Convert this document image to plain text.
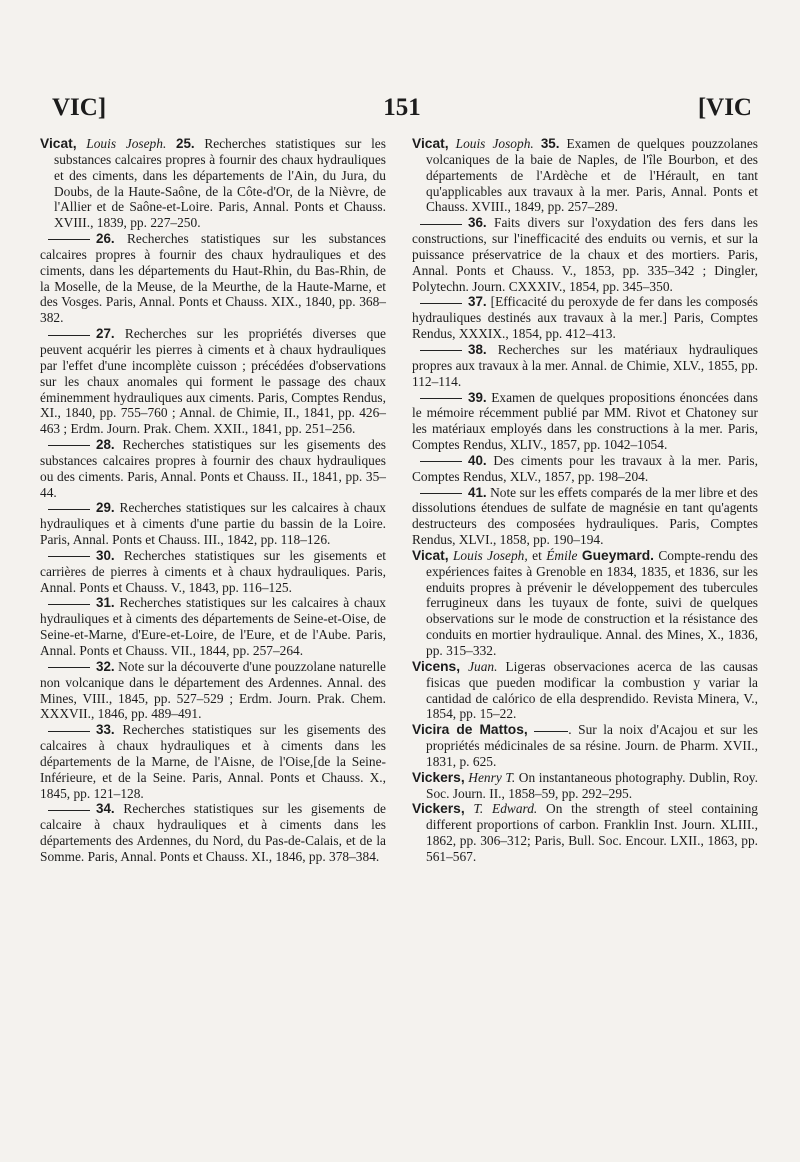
VIC]	151	[VIC

Vicat, Louis Joseph. 25. Recherches statistiques sur les substances calcaires propres à fournir des chaux hydrauliques et des ciments, dans les départements de l'Ain, du Jura, du Doubs, de la Haute-Saône, de la Côte-d'Or, de la Nièvre, de l'Allier et de Saône-et-Loire. Paris, Annal. Ponts et Chauss. XVIII., 1839, pp. 227–250.

26. Recherches statistiques sur les substances calcaires propres à fournir des chaux hydrauliques et des ciments, dans les départements du Haut-Rhin, du Bas-Rhin, de la Moselle, de la Meuse, de la Meurthe, de la Haute-Marne, et des Vosges. Paris, Annal. Ponts et Chauss. XIX., 1840, pp. 368–382.

27. Recherches sur les propriétés diverses que peuvent acquérir les pierres à ciments et à chaux hydrauliques par l'effet d'une incomplète cuisson ; précédées d'observations sur les chaux anomales qui forment le passage des chaux éminemment hydrauliques aux ciments. Paris, Comptes Rendus, XI., 1840, pp. 755–760 ; Annal. de Chimie, II., 1841, pp. 426–463 ; Erdm. Journ. Prak. Chem. XXII., 1841, pp. 251–256.

28. Recherches statistiques sur les gisements des substances calcaires propres à fournir des chaux hydrauliques ou des ciments. Paris, Annal. Ponts et Chauss. II., 1841, pp. 35–44.

29. Recherches statistiques sur les calcaires à chaux hydrauliques et à ciments d'une partie du bassin de la Loire. Paris, Annal. Ponts et Chauss. III., 1842, pp. 118–126.

30. Recherches statistiques sur les gisements et carrières de pierres à ciments et à chaux hydrauliques. Paris, Annal. Ponts et Chauss. V., 1843, pp. 116–125.

31. Recherches statistiques sur les calcaires à chaux hydrauliques et à ciments des départements de Seine-et-Oise, de Seine-et-Marne, d'Eure-et-Loire, de l'Eure, et de l'Aube. Paris, Annal. Ponts et Chauss. VII., 1844, pp. 257–264.

32. Note sur la découverte d'une pouzzolane naturelle non volcanique dans le département des Ardennes. Annal. des Mines, VIII., 1845, pp. 527–529 ; Erdm. Journ. Prak. Chem. XXXVII., 1846, pp. 489–491.

33. Recherches statistiques sur les gisements des calcaires à chaux hydrauliques et à ciments dans les départements de la Marne, de l'Aisne, de l'Oise,[de la Seine-Inférieure, et de la Seine. Paris, Annal. Ponts et Chauss. X., 1845, pp. 121–128.

34. Recherches statistiques sur les gisements de calcaire à chaux hydrauliques et à ciments dans les départements des Ardennes, du Nord, du Pas-de-Calais, et de la Somme. Paris, Annal. Ponts et Chauss. XI., 1846, pp. 378–384.

Vicat, Louis Josoph. 35. Examen de quelques pouzzolanes volcaniques de la baie de Naples, de l'île Bourbon, et des départements de l'Ardèche et de l'Hérault, en tant qu'applicables aux travaux à la mer. Paris, Annal. Ponts et Chauss. XVIII., 1849, pp. 257–289.

36. Faits divers sur l'oxydation des fers dans les constructions, sur l'inefficacité des enduits ou vernis, et sur la puissance préservatrice de la chaux et des mortiers. Paris, Annal. Ponts et Chauss. V., 1853, pp. 335–342 ; Dingler, Polytechn. Journ. CXXXIV., 1854, pp. 345–350.

37. [Efficacité du peroxyde de fer dans les composés hydrauliques destinés aux travaux à la mer.] Paris, Comptes Rendus, XXXIX., 1854, pp. 412–413.

38. Recherches sur les matériaux hydrauliques propres aux travaux à la mer. Annal. de Chimie, XLV., 1855, pp. 112–114.

39. Examen de quelques propositions énoncées dans le mémoire récemment publié par MM. Rivot et Chatoney sur les matériaux employés dans les constructions à la mer. Paris, Comptes Rendus, XLIV., 1857, pp. 1042–1054.

40. Des ciments pour les travaux à la mer. Paris, Comptes Rendus, XLV., 1857, pp. 198–204.

41. Note sur les effets comparés de la mer libre et des dissolutions étendues de sulfate de magnésie en tant qu'agents destructeurs des composées hydrauliques. Paris, Comptes Rendus, XLVI., 1858, pp. 190–194.

Vicat, Louis Joseph, et Émile Gueymard. Compte-rendu des expériences faites à Grenoble en 1834, 1835, et 1836, sur les enduits propres à prévenir le développement des tubercules ferrugineux dans les tuyaux de fonte, suivi de quelques observations sur le mode de construction et la résistance des conduits en mortier hydraulique. Annal. des Mines, X., 1836, pp. 315–332.

Vicens, Juan. Ligeras observaciones acerca de las causas fisicas que pueden modificar la combustion y variar la cantidad de calórico de ella desprendido. Revista Minera, V., 1854, pp. 15–22.

Vicira de Mattos,	. Sur la noix d'Acajou et sur les propriétés médicinales de sa résine. Journ. de Pharm. XVII., 1831, p. 625.

Vickers, Henry T. On instantaneous photography. Dublin, Roy. Soc. Journ. II., 1858–59, pp. 292–295.

Vickers, T. Edward. On the strength of steel containing different proportions of carbon. Franklin Inst. Journ. XLIII., 1862, pp. 306–312; Paris, Bull. Soc. Encour. LXII., 1863, pp. 561–567.
